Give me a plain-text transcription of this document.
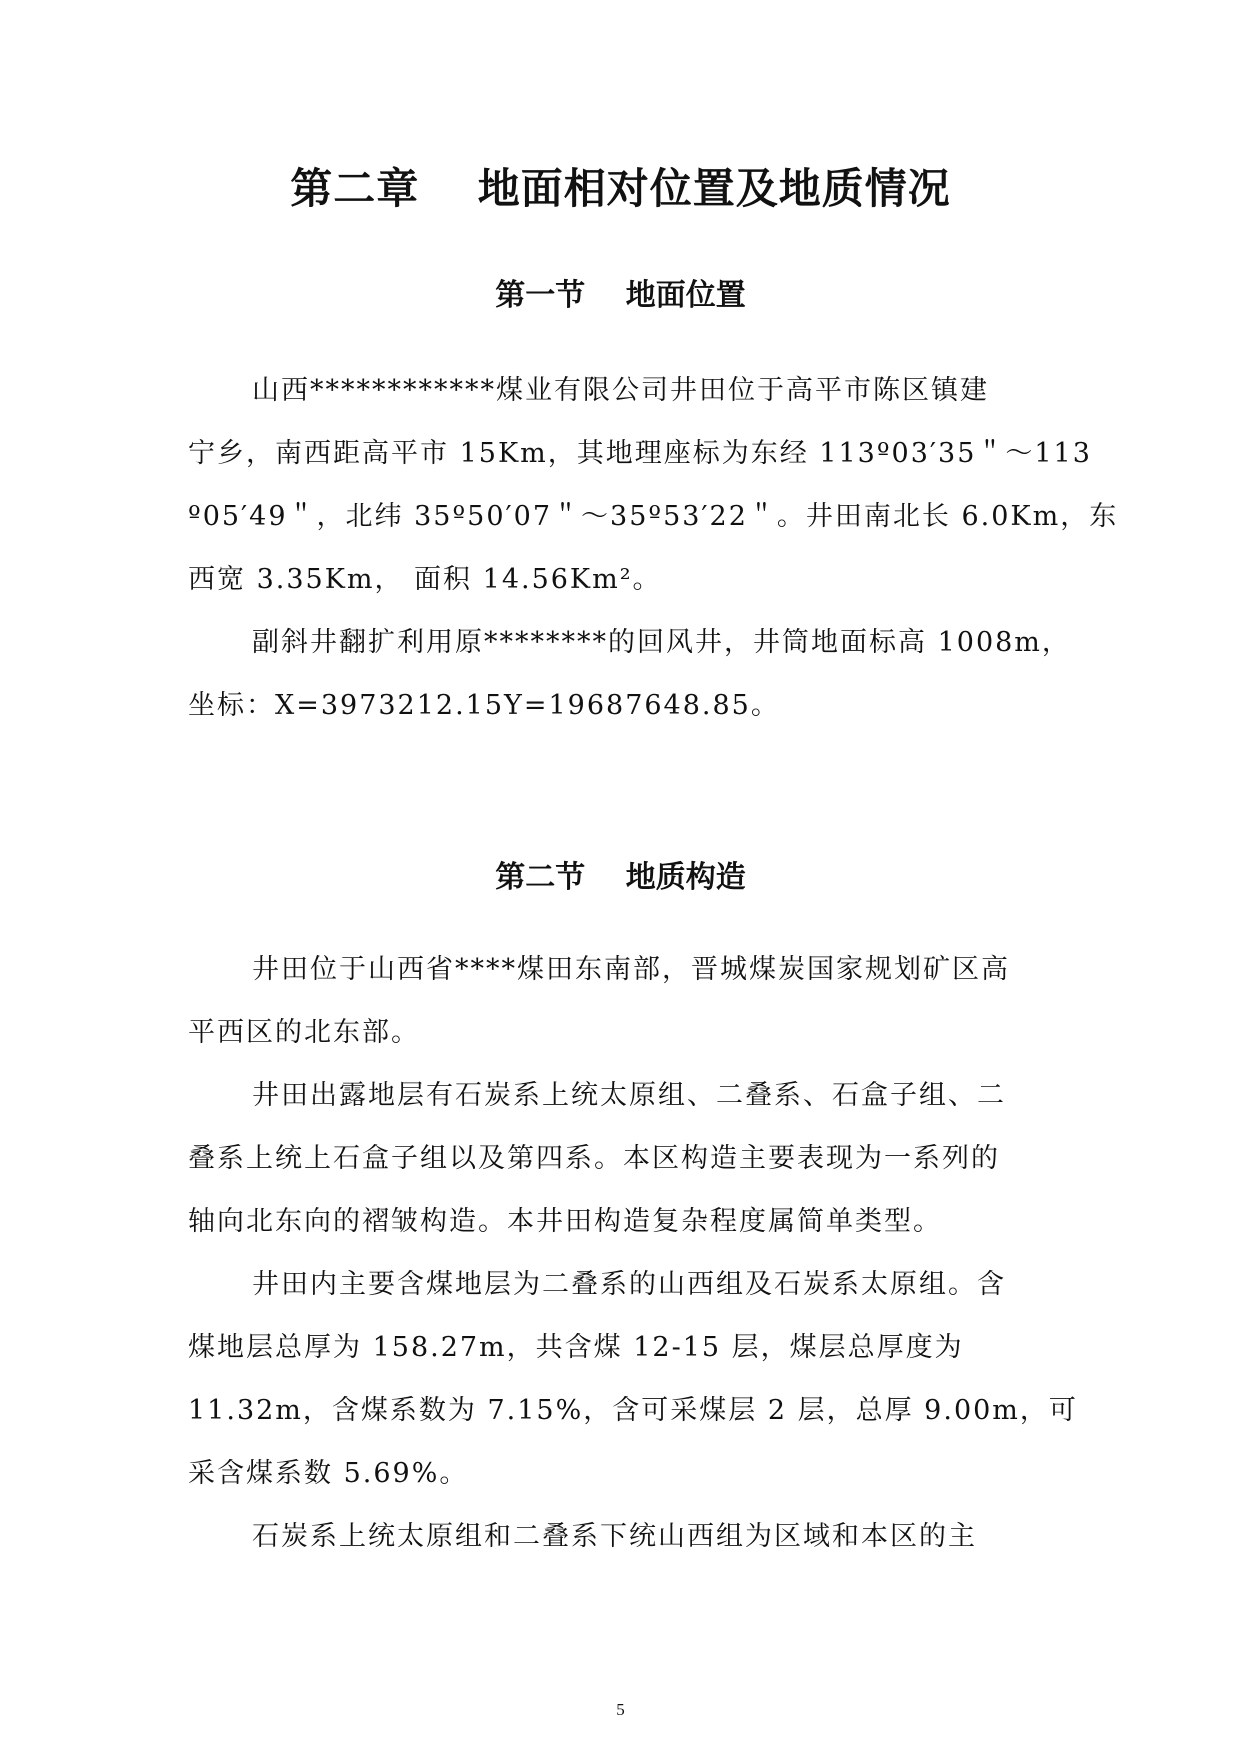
第二章　 地面相对位置及地质情况
第一节　 地面位置

山西************煤业有限公司井田位于高平市陈区镇建
宁乡，南西距高平市 15Km，其地理座标为东经 113º03′35＂～113
º05′49＂，北纬 35º50′07＂～35º53′22＂。井田南北长 6.0Km，东
西宽 3.35Km， 面积 14.56Km²。

副斜井翻扩利用原********的回风井，井筒地面标高 1008m，
坐标：X=3973212.15Y=19687648.85。

第二节　 地质构造

井田位于山西省****煤田东南部，晋城煤炭国家规划矿区高
平西区的北东部。

井田出露地层有石炭系上统太原组、二叠系、石盒子组、二
叠系上统上石盒子组以及第四系。本区构造主要表现为一系列的
轴向北东向的褶皱构造。本井田构造复杂程度属简单类型。

井田内主要含煤地层为二叠系的山西组及石炭系太原组。含
煤地层总厚为 158.27m，共含煤 12-15 层，煤层总厚度为
11.32m，含煤系数为 7.15%，含可采煤层 2 层，总厚 9.00m，可
采含煤系数 5.69%。

石炭系上统太原组和二叠系下统山西组为区域和本区的主

5
